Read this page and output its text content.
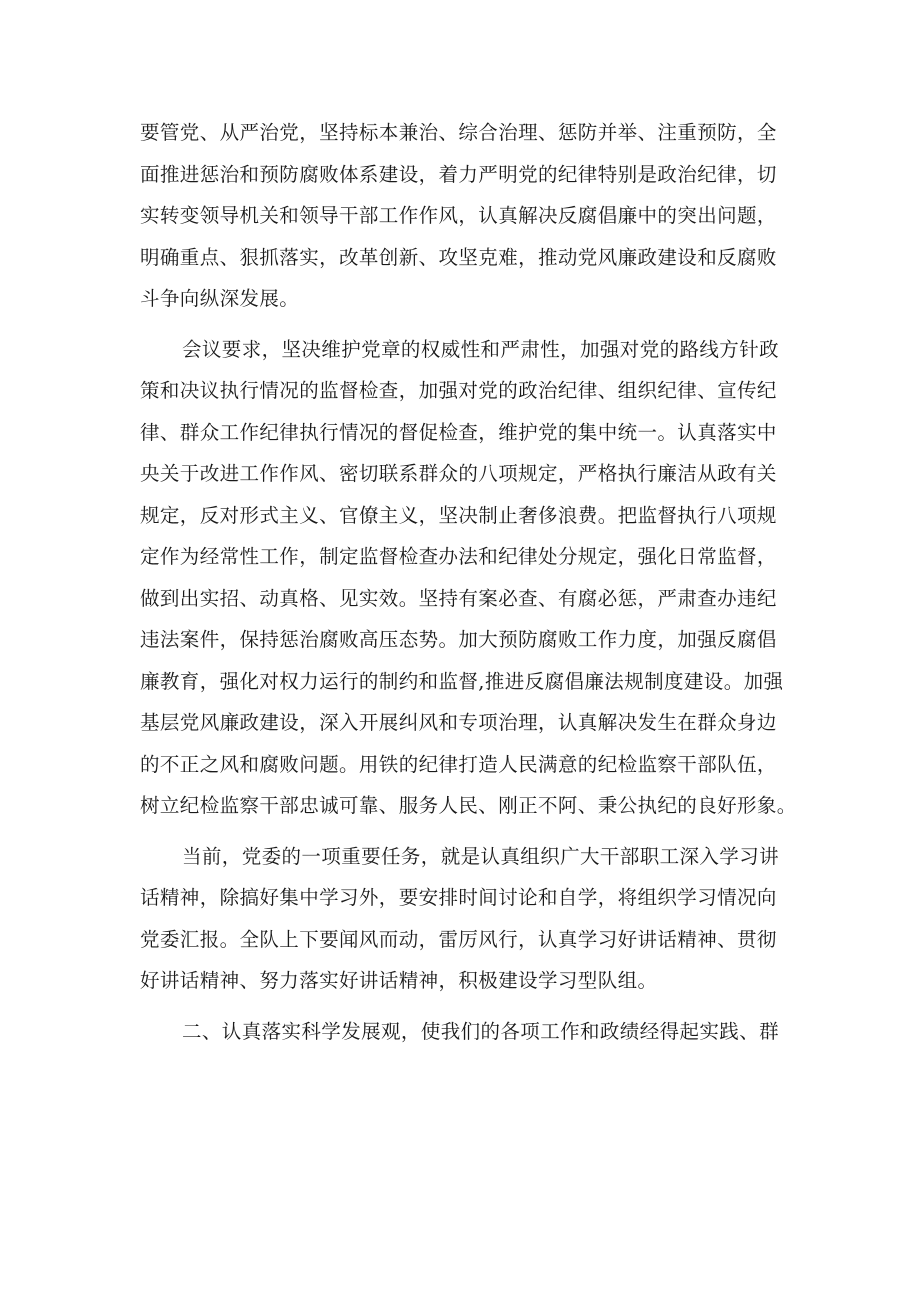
要管党、从严治党，坚持标本兼治、综合治理、惩防并举、注重预防，全
面推进惩治和预防腐败体系建设，着力严明党的纪律特别是政治纪律，切
实转变领导机关和领导干部工作作风，认真解决反腐倡廉中的突出问题，
明确重点、狠抓落实，改革创新、攻坚克难，推动党风廉政建设和反腐败
斗争向纵深发展。
会议要求，坚决维护党章的权威性和严肃性，加强对党的路线方针政
策和决议执行情况的监督检查，加强对党的政治纪律、组织纪律、宣传纪
律、群众工作纪律执行情况的督促检查，维护党的集中统一。认真落实中
央关于改进工作作风、密切联系群众的八项规定，严格执行廉洁从政有关
规定，反对形式主义、官僚主义，坚决制止奢侈浪费。把监督执行八项规
定作为经常性工作，制定监督检查办法和纪律处分规定，强化日常监督，
做到出实招、动真格、见实效。坚持有案必查、有腐必惩，严肃查办违纪
违法案件，保持惩治腐败高压态势。加大预防腐败工作力度，加强反腐倡
廉教育，强化对权力运行的制约和监督,推进反腐倡廉法规制度建设。加强
基层党风廉政建设，深入开展纠风和专项治理，认真解决发生在群众身边
的不正之风和腐败问题。用铁的纪律打造人民满意的纪检监察干部队伍，
树立纪检监察干部忠诚可靠、服务人民、刚正不阿、秉公执纪的良好形象。
当前，党委的一项重要任务，就是认真组织广大干部职工深入学习讲
话精神，除搞好集中学习外，要安排时间讨论和自学，将组织学习情况向
党委汇报。全队上下要闻风而动，雷厉风行，认真学习好讲话精神、贯彻
好讲话精神、努力落实好讲话精神，积极建设学习型队组。
二、认真落实科学发展观，使我们的各项工作和政绩经得起实践、群
